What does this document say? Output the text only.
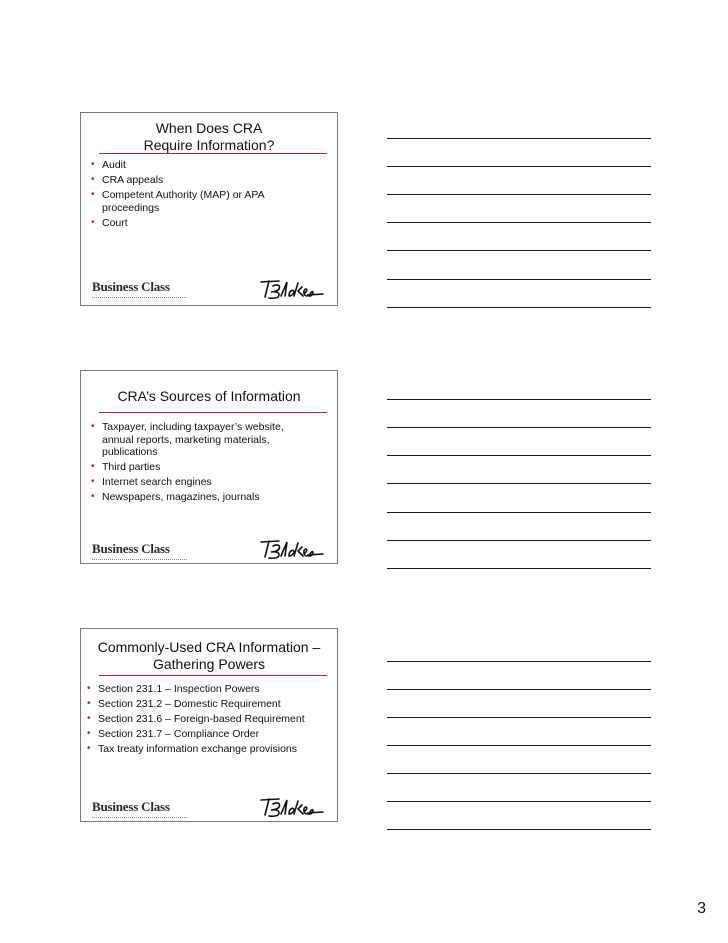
When Does CRA
Require Information?
• Audit
• CRA appeals
• Competent Authority (MAP) or APA proceedings
• Court
Business Class
CRA’s Sources of Information
• Taxpayer, including taxpayer’s website, annual reports, marketing materials, publications
• Third parties
• Internet search engines
• Newspapers, magazines, journals
Business Class
Commonly-Used CRA Information –
Gathering Powers
• Section 231.1 – Inspection Powers
• Section 231.2 – Domestic Requirement
• Section 231.6 – Foreign-based Requirement
• Section 231.7 – Compliance Order
• Tax treaty information exchange provisions
Business Class
3
